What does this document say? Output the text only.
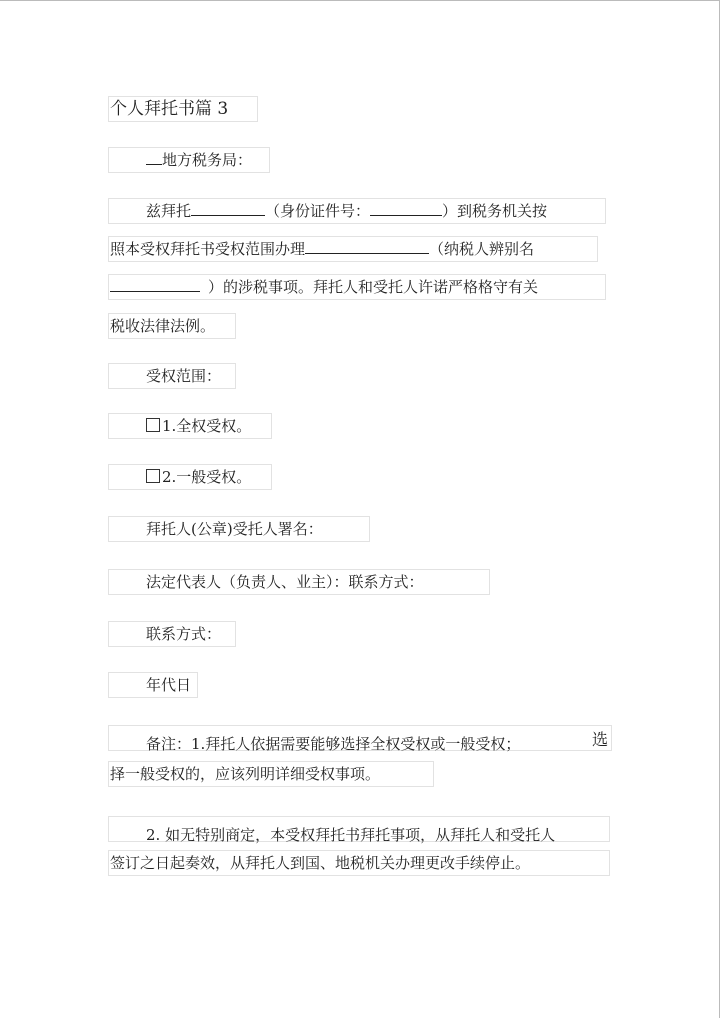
个人拜托书篇 3
地方税务局：
兹拜托	（身份证件号：	）到税务机关按
照本受权拜托书受权范围办理	（纳税人辨别名
）的涉税事项。拜托人和受托人许诺严格格守有关
税收法律法例。
受权范围：
1.全权受权。
2.一般受权。
拜托人(公章)受托人署名：
法定代表人（负责人、业主）：联系方式：
联系方式：
年代日
备注：1.拜托人依据需要能够选择全权受权或一般受权；	选
择一般受权的，应该列明详细受权事项。
2. 如无特别商定，本受权拜托书拜托事项，从拜托人和受托人
签订之日起奏效，从拜托人到国、地税机关办理更改手续停止。
